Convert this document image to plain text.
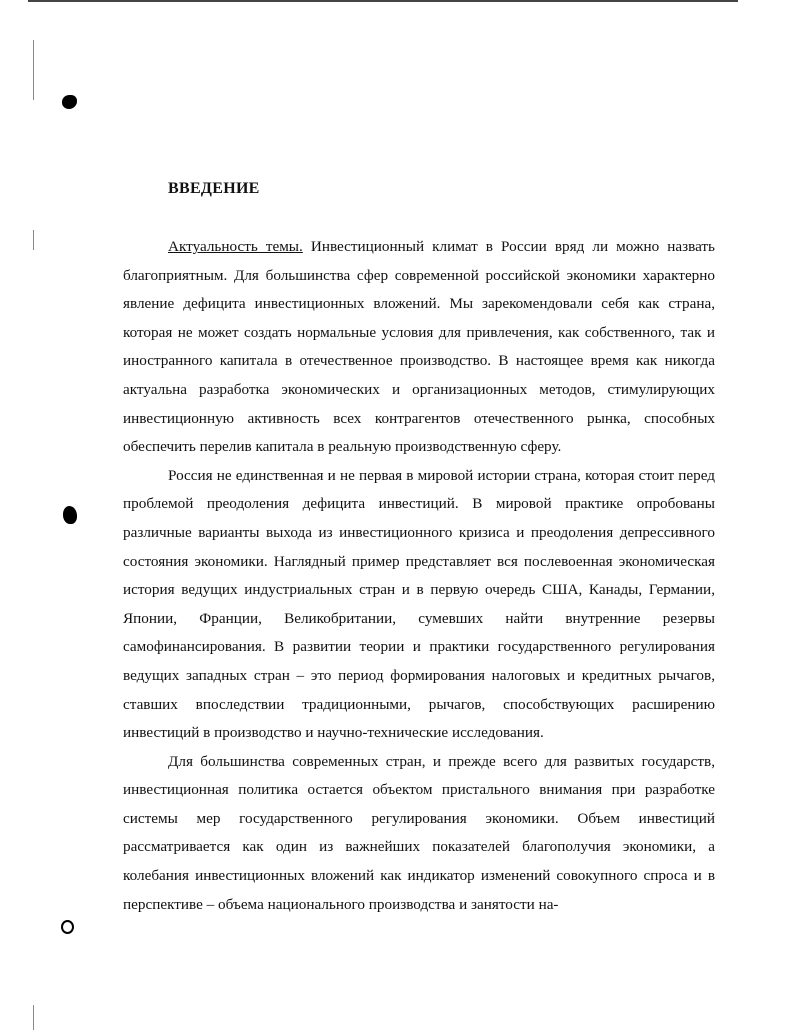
ВВЕДЕНИЕ

Актуальность темы. Инвестиционный климат в России вряд ли можно назвать благоприятным. Для большинства сфер современной российской экономики характерно явление дефицита инвестиционных вложений. Мы зарекомендовали себя как страна, которая не может создать нормальные условия для привлечения, как собственного, так и иностранного капитала в отечественное производство. В настоящее время как никогда актуальна разработка экономических и организационных методов, стимулирующих инвестиционную активность всех контрагентов отечественного рынка, способных обеспечить перелив капитала в реальную производственную сферу.

Россия не единственная и не первая в мировой истории страна, которая стоит перед проблемой преодоления дефицита инвестиций. В мировой практике опробованы различные варианты выхода из инвестиционного кризиса и преодоления депрессивного состояния экономики. Наглядный пример представляет вся послевоенная экономическая история ведущих индустриальных стран и в первую очередь США, Канады, Германии, Японии, Франции, Великобритании, сумевших найти внутренние резервы самофинансирования. В развитии теории и практики государственного регулирования ведущих западных стран – это период формирования налоговых и кредитных рычагов, ставших впоследствии традиционными, рычагов, способствующих расширению инвестиций в производство и научно-технические исследования.

Для большинства современных стран, и прежде всего для развитых государств, инвестиционная политика остается объектом пристального внимания при разработке системы мер государственного регулирования экономики. Объем инвестиций рассматривается как один из важнейших показателей благополучия экономики, а колебания инвестиционных вложений как индикатор изменений совокупного спроса и в перспективе – объема национального производства и занятости на-
